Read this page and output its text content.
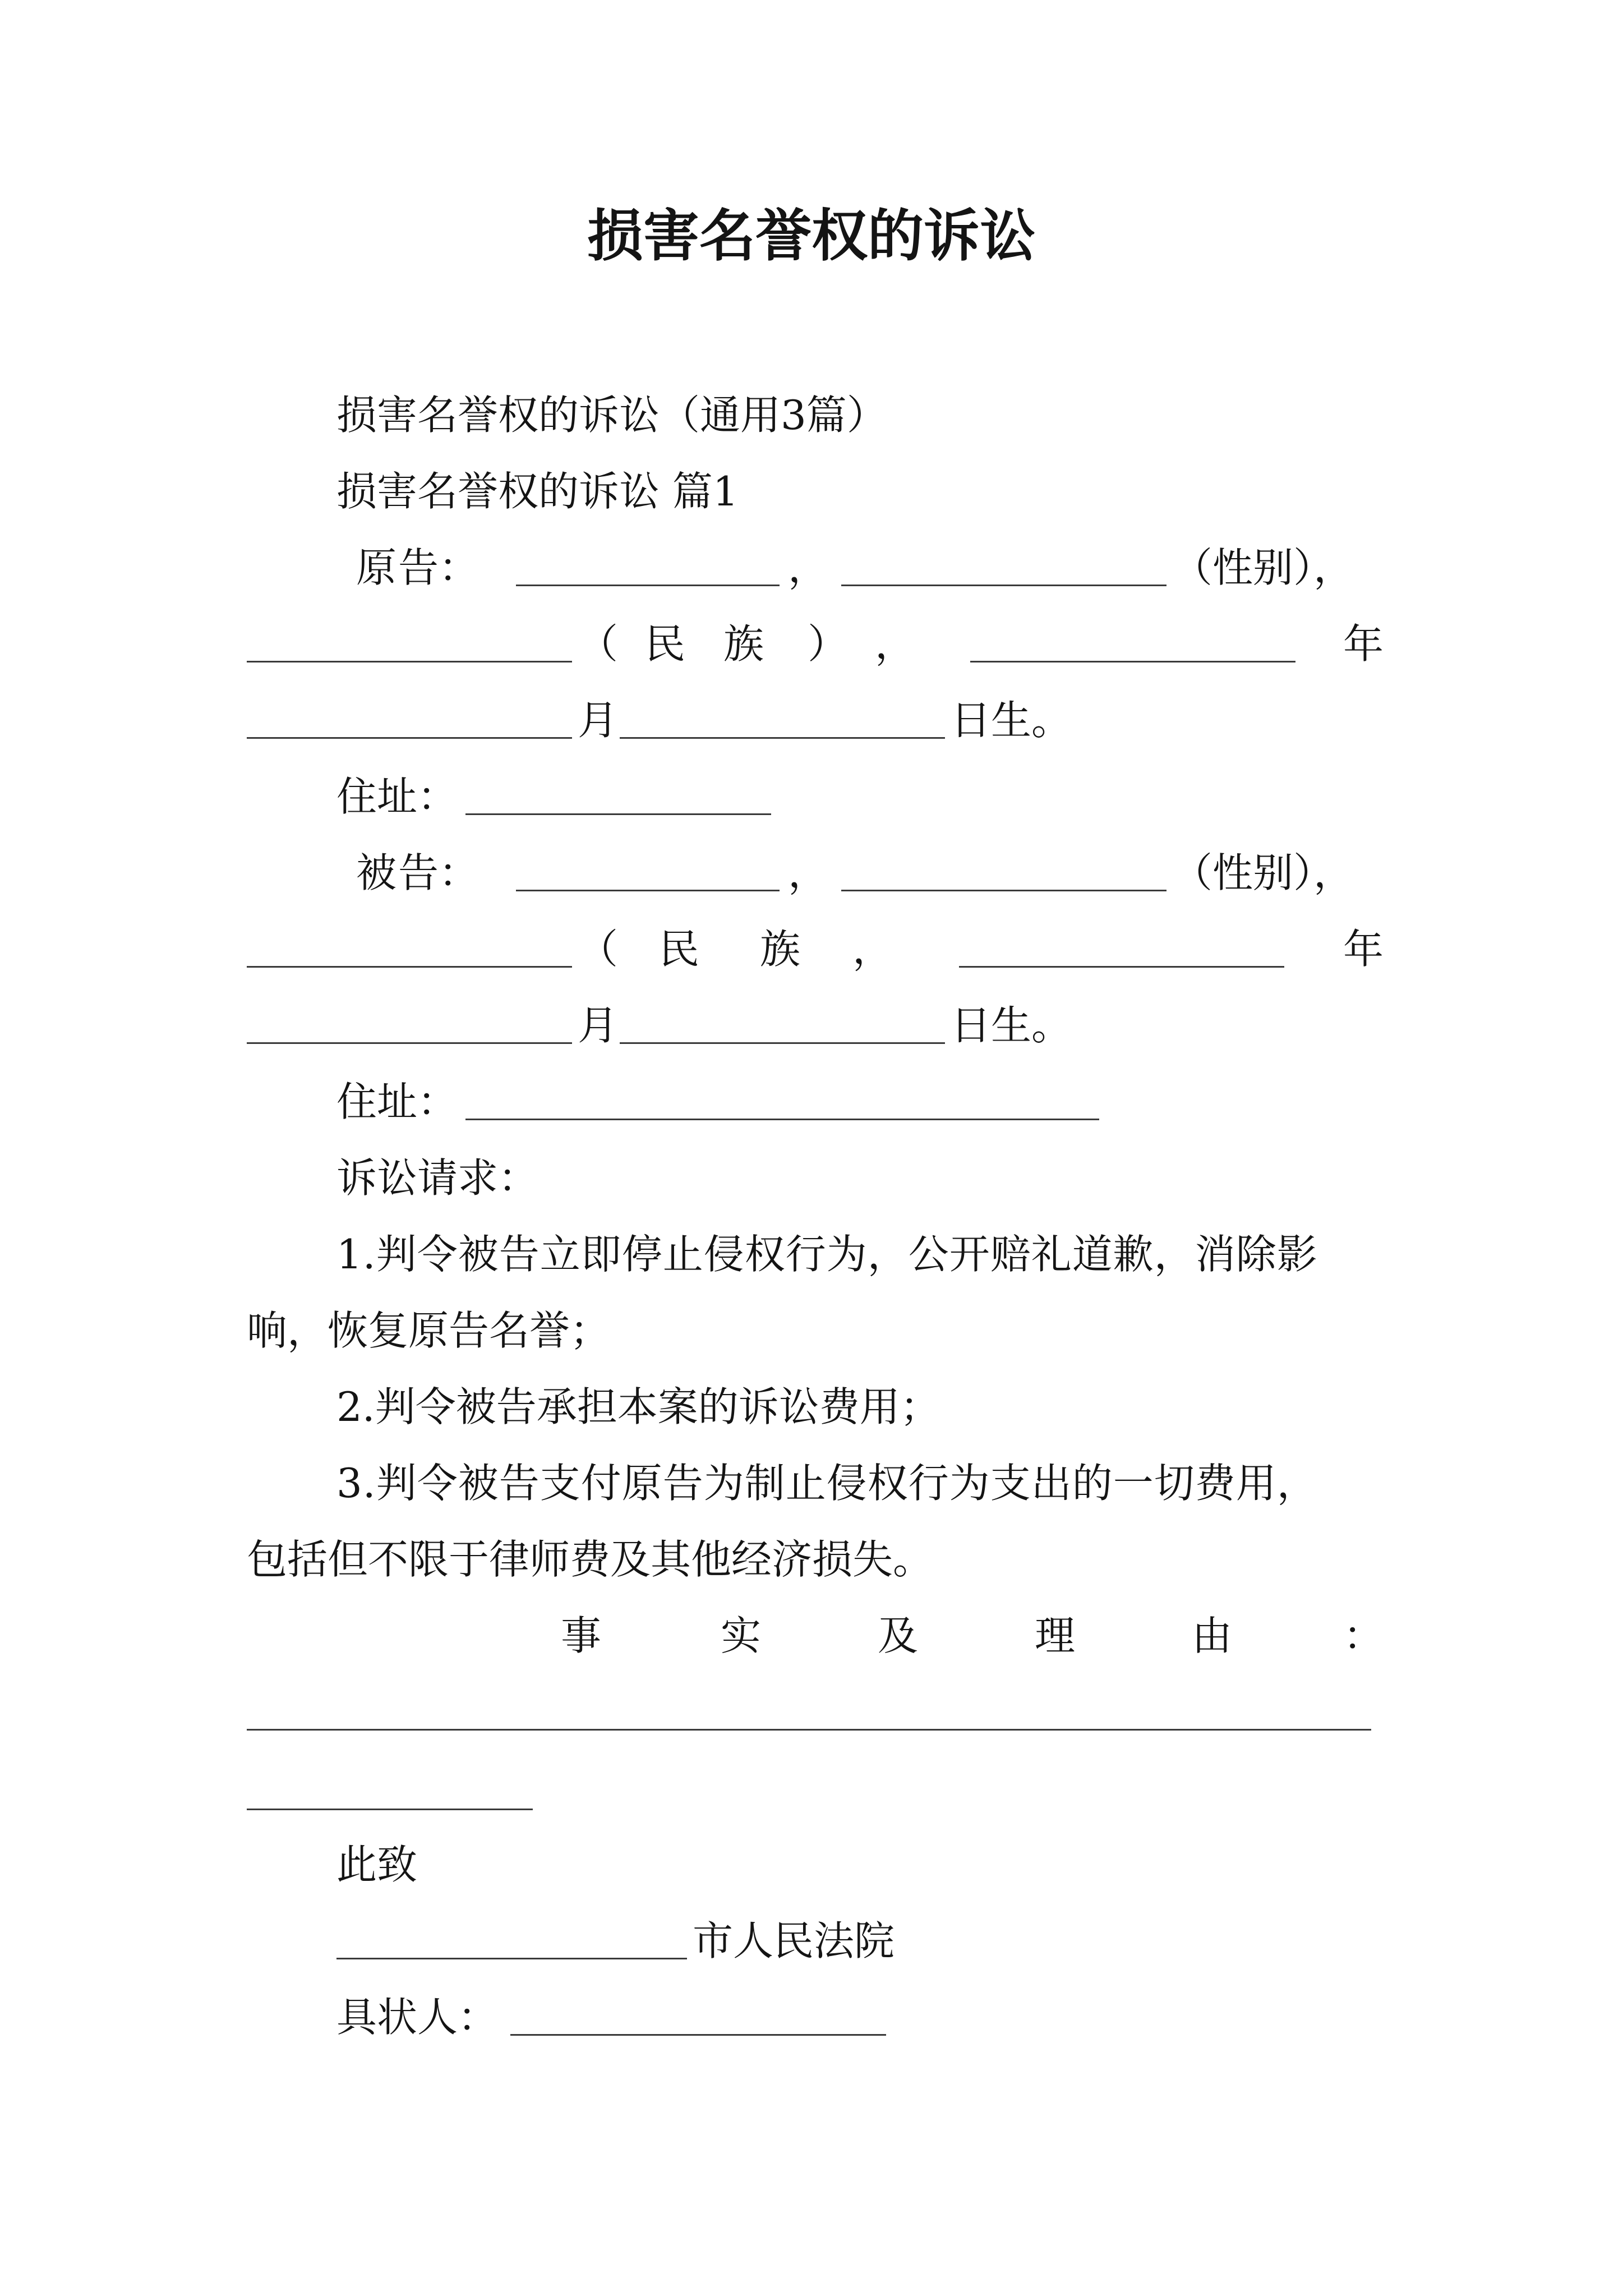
损害名誉权的诉讼
损害名誉权的诉讼（通用3篇）
损害名誉权的诉讼 篇1
原 告：	，	（性别），
（ 民 族 ） ，	年
月	日生。
住址：
被 告：	，	（性别），
（ 民 族 ，	年
月	日生。
住址：
诉讼请求：
1.判令被告立即停止侵权行为，公开赔礼道歉，消除影
响，恢复原告名誉；
2.判令被告承担本案的诉讼费用；
3.判令被告支付原告为制止侵权行为支出的一切费用，
包括但不限于律师费及其他经济损失。
事	实	及	理	由	：
此致
市人民法院
具状人：
